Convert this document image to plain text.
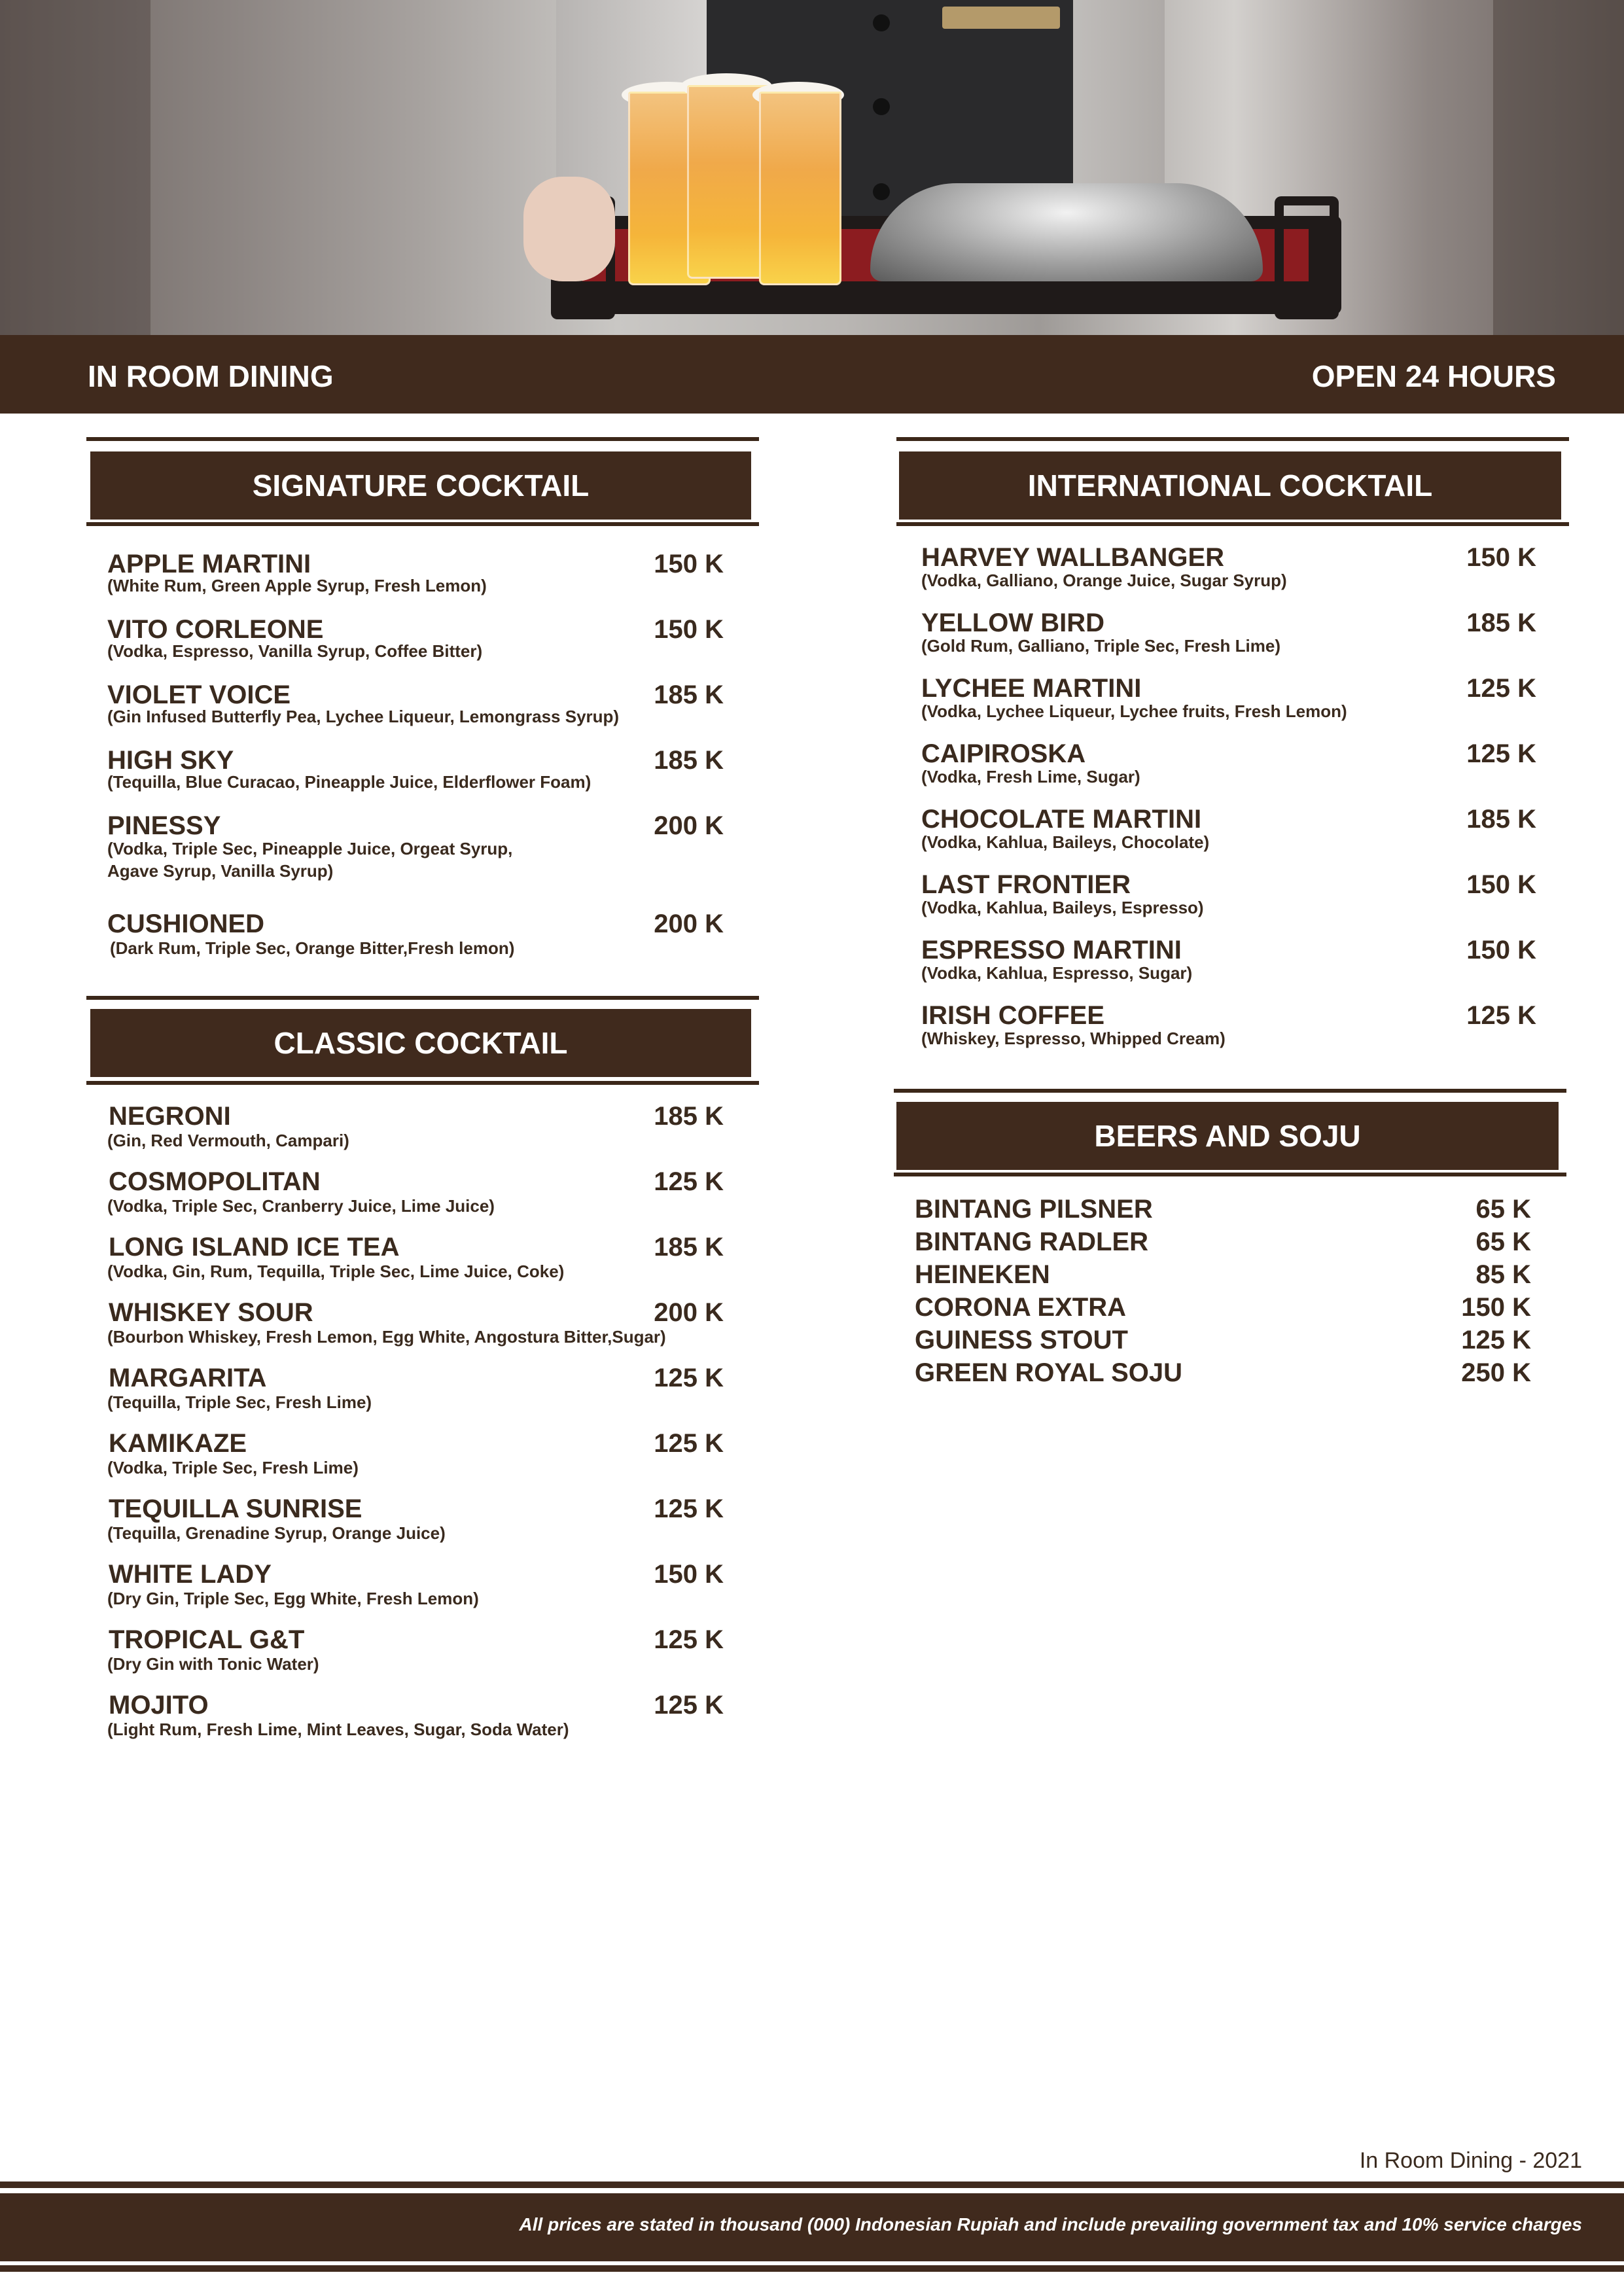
IN ROOM DINING	OPEN 24 HOURS
SIGNATURE COCKTAIL
APPLE MARTINI	150 K
(White Rum, Green Apple Syrup, Fresh Lemon)
VITO CORLEONE	150 K
(Vodka, Espresso, Vanilla Syrup, Coffee Bitter)
VIOLET VOICE	185 K
(Gin Infused Butterfly Pea, Lychee Liqueur, Lemongrass Syrup)
HIGH SKY	185 K
(Tequilla, Blue Curacao, Pineapple Juice, Elderflower Foam)
PINESSY	200 K
(Vodka, Triple Sec, Pineapple Juice, Orgeat Syrup,
Agave Syrup, Vanilla Syrup)
CUSHIONED	200 K
(Dark Rum, Triple Sec, Orange Bitter,Fresh lemon)
CLASSIC COCKTAIL
NEGRONI	185 K
(Gin, Red Vermouth, Campari)
COSMOPOLITAN	125 K
(Vodka, Triple Sec, Cranberry Juice, Lime Juice)
LONG ISLAND ICE TEA	185 K
(Vodka, Gin, Rum, Tequilla, Triple Sec, Lime Juice, Coke)
WHISKEY SOUR	200 K
(Bourbon Whiskey, Fresh Lemon, Egg White, Angostura Bitter,Sugar)
MARGARITA	125 K
(Tequilla, Triple Sec, Fresh Lime)
KAMIKAZE	125 K
(Vodka, Triple Sec, Fresh Lime)
TEQUILLA SUNRISE	125 K
(Tequilla, Grenadine Syrup, Orange Juice)
WHITE LADY	150 K
(Dry Gin, Triple Sec, Egg White, Fresh Lemon)
TROPICAL G&T	125 K
(Dry Gin with Tonic Water)
MOJITO	125 K
(Light Rum, Fresh Lime, Mint Leaves, Sugar, Soda Water)
INTERNATIONAL COCKTAIL
HARVEY WALLBANGER	150 K
(Vodka, Galliano, Orange Juice, Sugar Syrup)
YELLOW BIRD	185 K
(Gold Rum, Galliano, Triple Sec, Fresh Lime)
LYCHEE MARTINI	125 K
(Vodka, Lychee Liqueur, Lychee fruits, Fresh Lemon)
CAIPIROSKA	125 K
(Vodka, Fresh Lime, Sugar)
CHOCOLATE MARTINI	185 K
(Vodka, Kahlua, Baileys, Chocolate)
LAST FRONTIER	150 K
(Vodka, Kahlua, Baileys, Espresso)
ESPRESSO MARTINI	150 K
(Vodka, Kahlua, Espresso, Sugar)
IRISH COFFEE	125 K
(Whiskey, Espresso, Whipped Cream)
BEERS AND SOJU
BINTANG PILSNER	65 K
BINTANG RADLER	65 K
HEINEKEN	85 K
CORONA EXTRA	150 K
GUINESS STOUT	125 K
GREEN ROYAL SOJU	250 K
In Room Dining - 2021
All prices are stated in thousand (000) Indonesian Rupiah and include prevailing government tax and 10% service charges
